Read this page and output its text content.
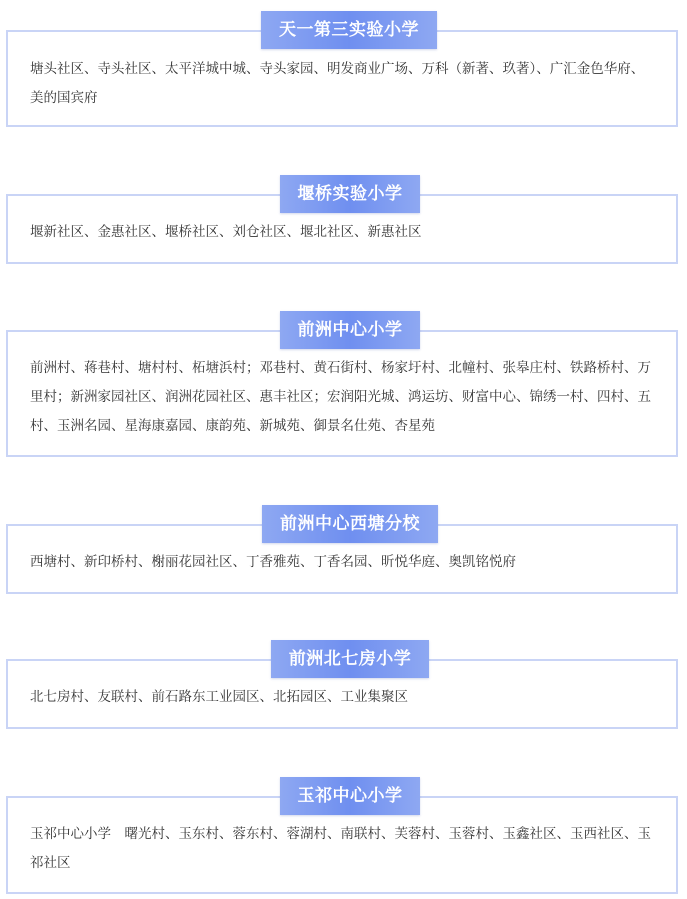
塘头社区、寺头社区、太平洋城中城、寺头家园、明发商业广场、万科（新著、玖著）、广汇金色华府、美的国宾府
天一第三实验小学
堰新社区、金惠社区、堰桥社区、刘仓社区、堰北社区、新惠社区
堰桥实验小学
前洲村、蒋巷村、塘村村、柘塘浜村；邓巷村、黄石街村、杨家圩村、北幢村、张皋庄村、铁路桥村、万里村；新洲家园社区、润洲花园社区、惠丰社区；宏润阳光城、鸿运坊、财富中心、锦绣一村、四村、五村、玉洲名园、星海康嘉园、康韵苑、新城苑、御景名仕苑、杏星苑
前洲中心小学
西塘村、新印桥村、榭丽花园社区、丁香雅苑、丁香名园、昕悦华庭、奥凯铭悦府
前洲中心西塘分校
北七房村、友联村、前石路东工业园区、北拓园区、工业集聚区
前洲北七房小学
玉祁中心小学　曙光村、玉东村、蓉东村、蓉湖村、南联村、芙蓉村、玉蓉村、玉鑫社区、玉西社区、玉祁社区
玉祁中心小学
